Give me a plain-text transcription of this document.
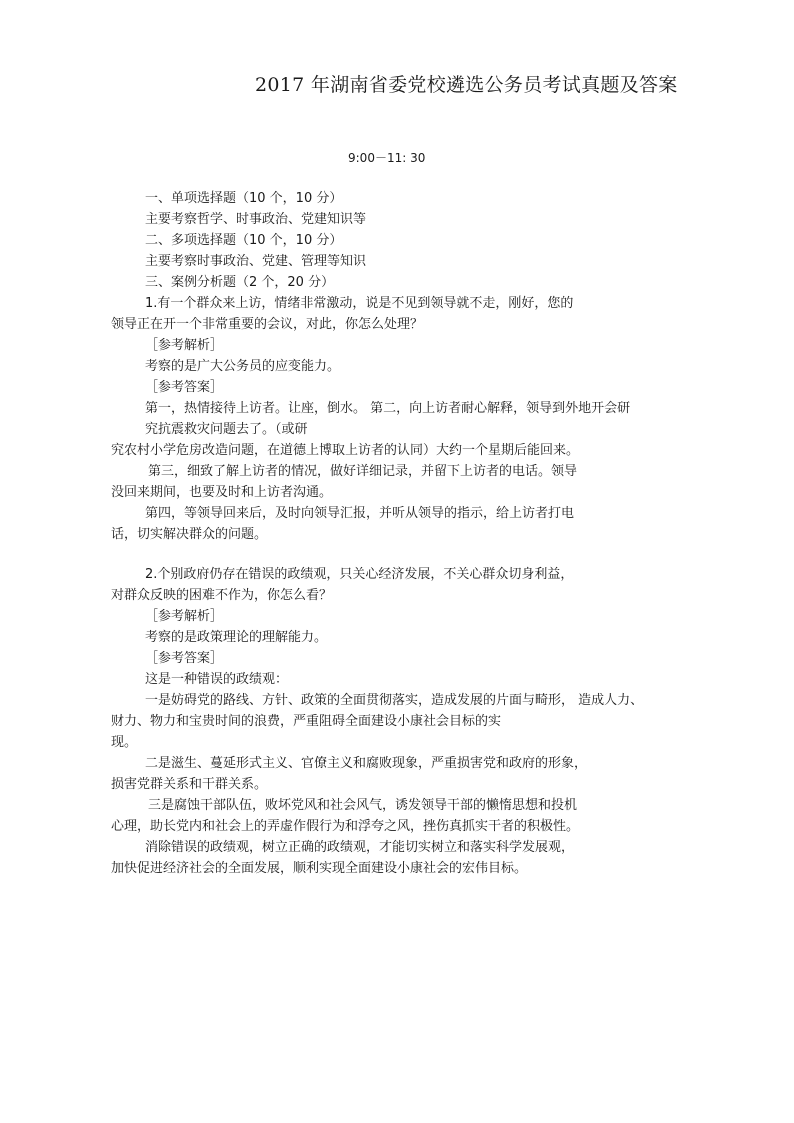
2017 年湖南省委党校遴选公务员考试真题及答案
9:00－11: 30
一、单项选择题（10 个，10 分）
主要考察哲学、时事政治、党建知识等
二、多项选择题（10 个，10 分）
主要考察时事政治、党建、管理等知识
三、案例分析题（2 个，20 分）
1.有一个群众来上访，情绪非常激动，说是不见到领导就不走，刚好，您的
领导正在开一个非常重要的会议，对此，你怎么处理？
［参考解析］
考察的是广大公务员的应变能力。
［参考答案］
第一，热情接待上访者。让座，倒水。 第二，向上访者耐心解释，领导到外地开会研
究抗震救灾问题去了。（或研
究农村小学危房改造问题，在道德上博取上访者的认同）大约一个星期后能回来。
第三，细致了解上访者的情况，做好详细记录，并留下上访者的电话。领导
没回来期间，也要及时和上访者沟通。
第四，等领导回来后，及时向领导汇报，并听从领导的指示，给上访者打电
话，切实解决群众的问题。
2.个别政府仍存在错误的政绩观，只关心经济发展，不关心群众切身利益，
对群众反映的困难不作为，你怎么看？
［参考解析］
考察的是政策理论的理解能力。
［参考答案］
这是一种错误的政绩观：
一是妨碍党的路线、方针、政策的全面贯彻落实，造成发展的片面与畸形， 造成人力、
财力、物力和宝贵时间的浪费，严重阻碍全面建设小康社会目标的实
现。
二是滋生、蔓延形式主义、官僚主义和腐败现象，严重损害党和政府的形象，
损害党群关系和干群关系。
三是腐蚀干部队伍，败坏党风和社会风气，诱发领导干部的懒惰思想和投机
心理，助长党内和社会上的弄虚作假行为和浮夸之风，挫伤真抓实干者的积极性。
消除错误的政绩观，树立正确的政绩观，才能切实树立和落实科学发展观，
加快促进经济社会的全面发展，顺利实现全面建设小康社会的宏伟目标。
